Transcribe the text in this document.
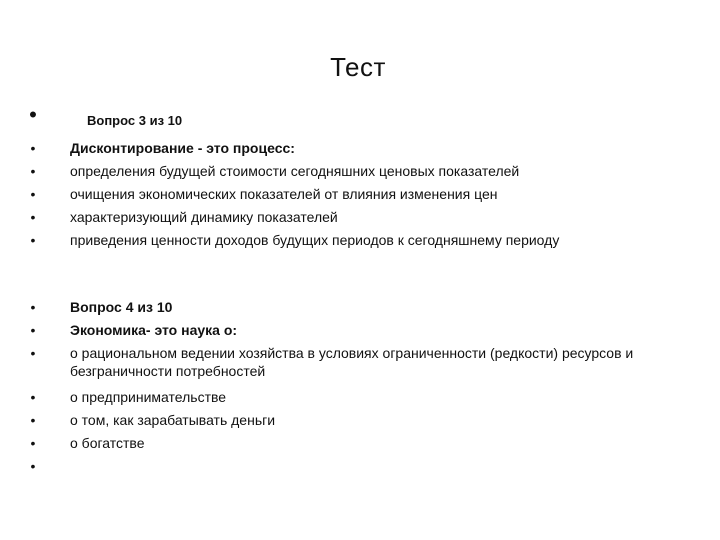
Тест
•	Вопрос 3 из 10
• Дисконтирование - это процесс:
• определения будущей стоимости сегодняшних ценовых показателей
• очищения экономических показателей от влияния изменения цен
• характеризующий динамику показателей
• приведения ценности доходов будущих периодов к сегодняшнему периоду
• Вопрос 4 из 10
• Экономика- это наука о:
• о рациональном ведении хозяйства в условиях ограниченности (редкости) ресурсов и безграничности потребностей
• о предпринимательстве
• о том, как зарабатывать деньги
• о богатстве
•
